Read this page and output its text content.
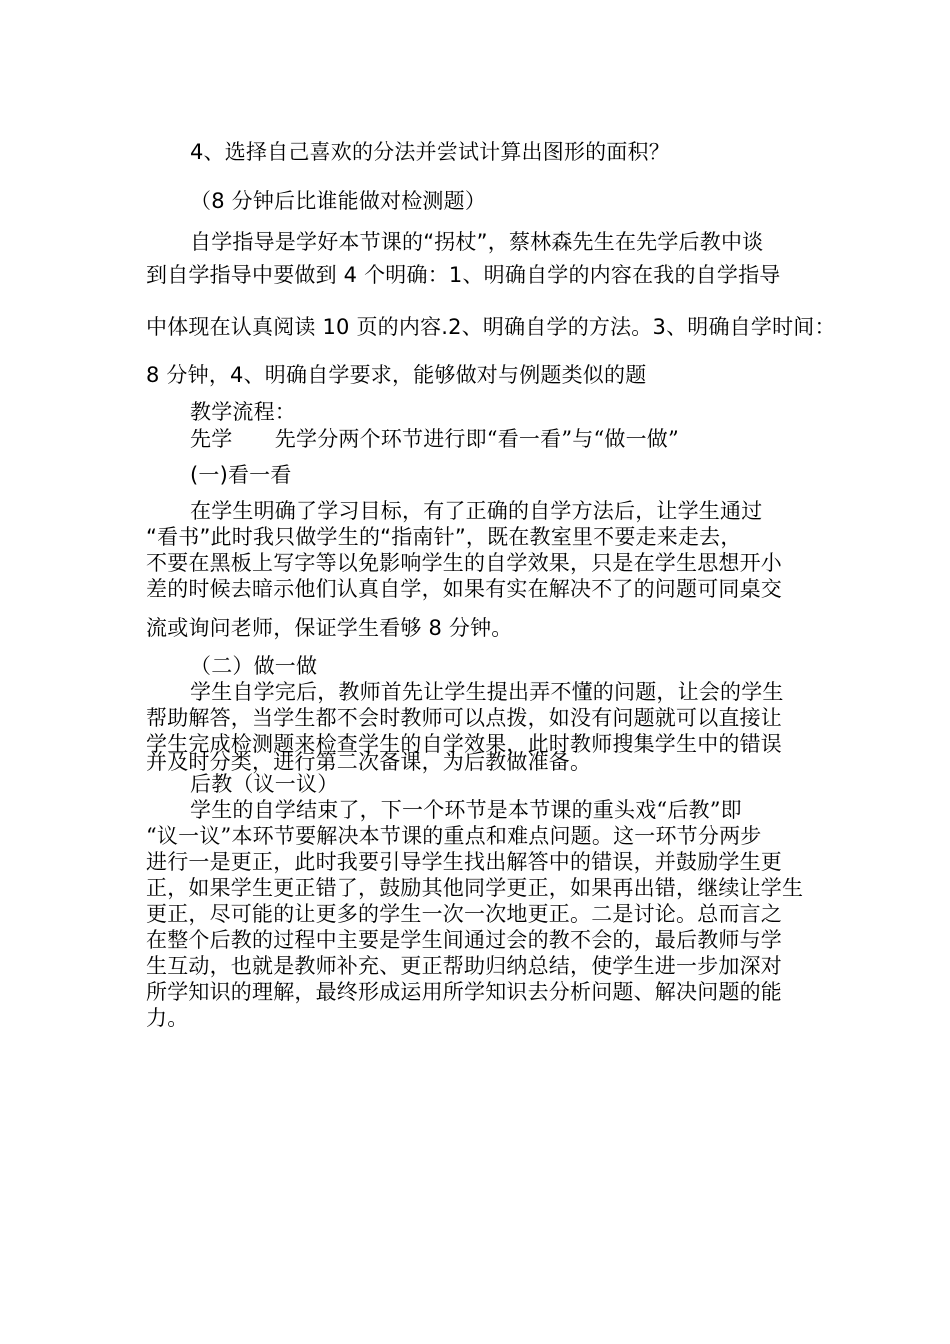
4、选择自己喜欢的分法并尝试计算出图形的面积？
（8 分钟后比谁能做对检测题）
自学指导是学好本节课的“拐杖”，蔡林森先生在先学后教中谈
到自学指导中要做到 4 个明确：1、明确自学的内容在我的自学指导
中体现在认真阅读 10 页的内容.2、明确自学的方法。3、明确自学时间：
8 分钟，4、明确自学要求，能够做对与例题类似的题
教学流程：
先学　　先学分两个环节进行即“看一看”与“做一做”
(一)看一看
在学生明确了学习目标，有了正确的自学方法后，让学生通过
“看书”此时我只做学生的“指南针”，既在教室里不要走来走去，
不要在黑板上写字等以免影响学生的自学效果，只是在学生思想开小
差的时候去暗示他们认真自学，如果有实在解决不了的问题可同桌交
流或询问老师，保证学生看够 8 分钟。
（二）做一做
学生自学完后，教师首先让学生提出弄不懂的问题，让会的学生
帮助解答，当学生都不会时教师可以点拨，如没有问题就可以直接让
学生完成检测题来检查学生的自学效果，此时教师搜集学生中的错误
并及时分类，进行第二次备课，为后教做准备。
后教（议一议）
学生的自学结束了，下一个环节是本节课的重头戏“后教”即
“议一议”本环节要解决本节课的重点和难点问题。这一环节分两步
进行一是更正，此时我要引导学生找出解答中的错误，并鼓励学生更
正，如果学生更正错了，鼓励其他同学更正，如果再出错，继续让学生
更正，尽可能的让更多的学生一次一次地更正。二是讨论。总而言之
在整个后教的过程中主要是学生间通过会的教不会的，最后教师与学
生互动，也就是教师补充、更正帮助归纳总结，使学生进一步加深对
所学知识的理解，最终形成运用所学知识去分析问题、解决问题的能
力。
